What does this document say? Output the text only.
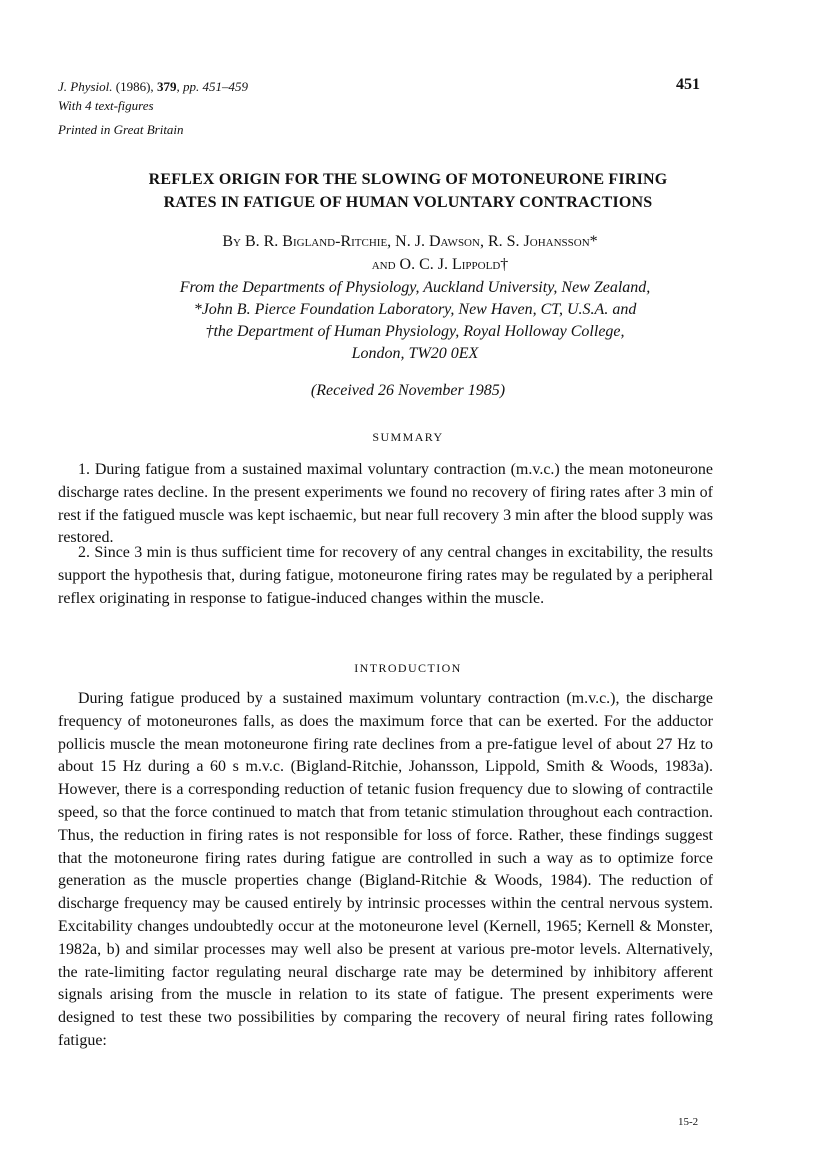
J. Physiol. (1986), 379, pp. 451–459
With 4 text-figures
Printed in Great Britain
451
REFLEX ORIGIN FOR THE SLOWING OF MOTONEURONE FIRING
RATES IN FATIGUE OF HUMAN VOLUNTARY CONTRACTIONS
By B. R. Bigland-Ritchie, N. J. Dawson, R. S. Johansson*
and O. C. J. Lippold†
From the Departments of Physiology, Auckland University, New Zealand,
*John B. Pierce Foundation Laboratory, New Haven, CT, U.S.A. and
†the Department of Human Physiology, Royal Holloway College,
London, TW20 0EX
(Received 26 November 1985)
SUMMARY

1. During fatigue from a sustained maximal voluntary contraction (m.v.c.) the mean motoneurone discharge rates decline. In the present experiments we found no recovery of firing rates after 3 min of rest if the fatigued muscle was kept ischaemic, but near full recovery 3 min after the blood supply was restored.

2. Since 3 min is thus sufficient time for recovery of any central changes in excitability, the results support the hypothesis that, during fatigue, motoneurone firing rates may be regulated by a peripheral reflex originating in response to fatigue-induced changes within the muscle.

INTRODUCTION

During fatigue produced by a sustained maximum voluntary contraction (m.v.c.), the discharge frequency of motoneurones falls, as does the maximum force that can be exerted. For the adductor pollicis muscle the mean motoneurone firing rate declines from a pre-fatigue level of about 27 Hz to about 15 Hz during a 60 s m.v.c. (Bigland-Ritchie, Johansson, Lippold, Smith & Woods, 1983a). However, there is a corresponding reduction of tetanic fusion frequency due to slowing of contractile speed, so that the force continued to match that from tetanic stimulation throughout each contraction. Thus, the reduction in firing rates is not responsible for loss of force. Rather, these findings suggest that the motoneurone firing rates during fatigue are controlled in such a way as to optimize force generation as the muscle properties change (Bigland-Ritchie & Woods, 1984). The reduction of discharge frequency may be caused entirely by intrinsic processes within the central nervous system. Excitability changes undoubtedly occur at the motoneurone level (Kernell, 1965; Kernell & Monster, 1982a, b) and similar processes may well also be present at various pre-motor levels. Alternatively, the rate-limiting factor regulating neural discharge rate may be determined by inhibitory afferent signals arising from the muscle in relation to its state of fatigue. The present experiments were designed to test these two possibilities by comparing the recovery of neural firing rates following fatigue:

15-2
